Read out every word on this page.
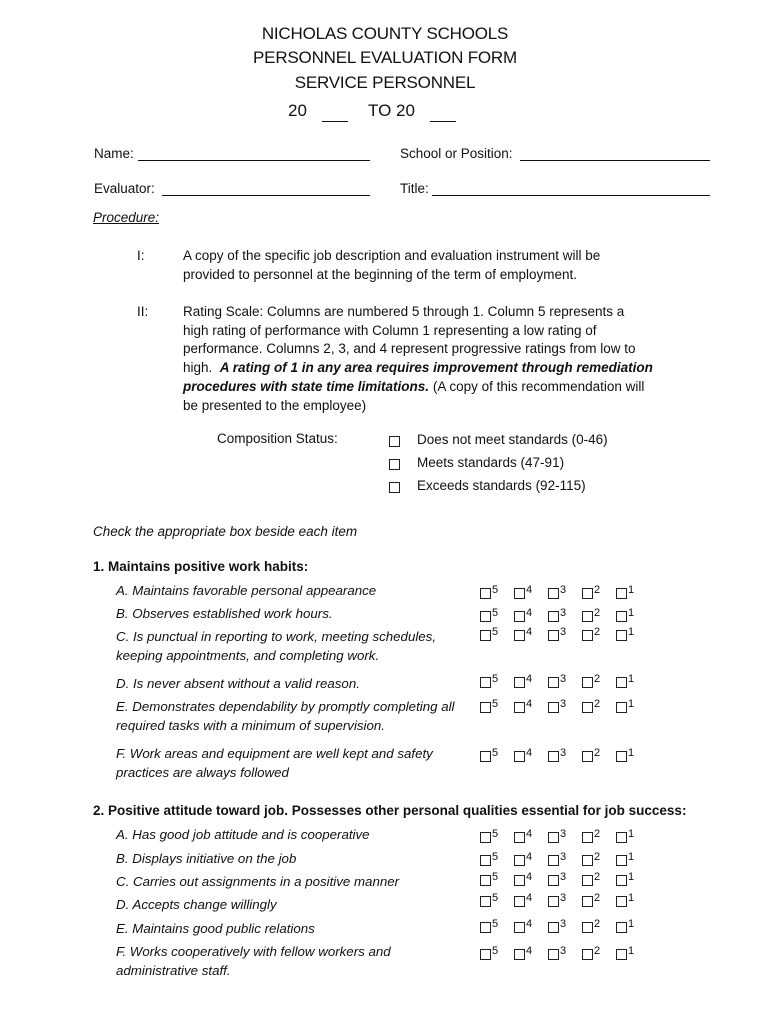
NICHOLAS COUNTY SCHOOLS
PERSONNEL EVALUATION FORM
SERVICE PERSONNEL
20	TO 20
Name:	School or Position:
Evaluator:	Title:
Procedure:
I:	A copy of the specific job description and evaluation instrument will be
provided to personnel at the beginning of the term of employment.
II:	Rating Scale: Columns are numbered 5 through 1. Column 5 represents a
high rating of performance with Column 1 representing a low rating of
performance. Columns 2, 3, and 4 represent progressive ratings from low to
high. A rating of 1 in any area requires improvement through remediation
procedures with state time limitations. (A copy of this recommendation will
be presented to the employee)
Composition Status:	Does not meet standards (0-46)
Meets standards (47-91)
Exceeds standards (92-115)
Check the appropriate box beside each item
1. Maintains positive work habits:
A. Maintains favorable personal appearance	5	4	3	2	1
B. Observes established work hours.	5	4	3	2	1
C. Is punctual in reporting to work, meeting schedules,
keeping appointments, and completing work.
5	4	3	2	1
D. Is never absent without a valid reason.	5	4	3	2	1
E. Demonstrates dependability by promptly completing all
required tasks with a minimum of supervision.
5	4	3	2	1
F. Work areas and equipment are well kept and safety
practices are always followed
5	4	3	2	1
2. Positive attitude toward job. Possesses other personal qualities essential for job success:
A. Has good job attitude and is cooperative	5	4	3	2	1
B. Displays initiative on the job	5	4	3	2	1
C. Carries out assignments in a positive manner	5	4	3	2	1
D. Accepts change willingly	5	4	3	2	1
E. Maintains good public relations	5	4	3	2	1
F. Works cooperatively with fellow workers and
administrative staff.
5	4	3	2	1
